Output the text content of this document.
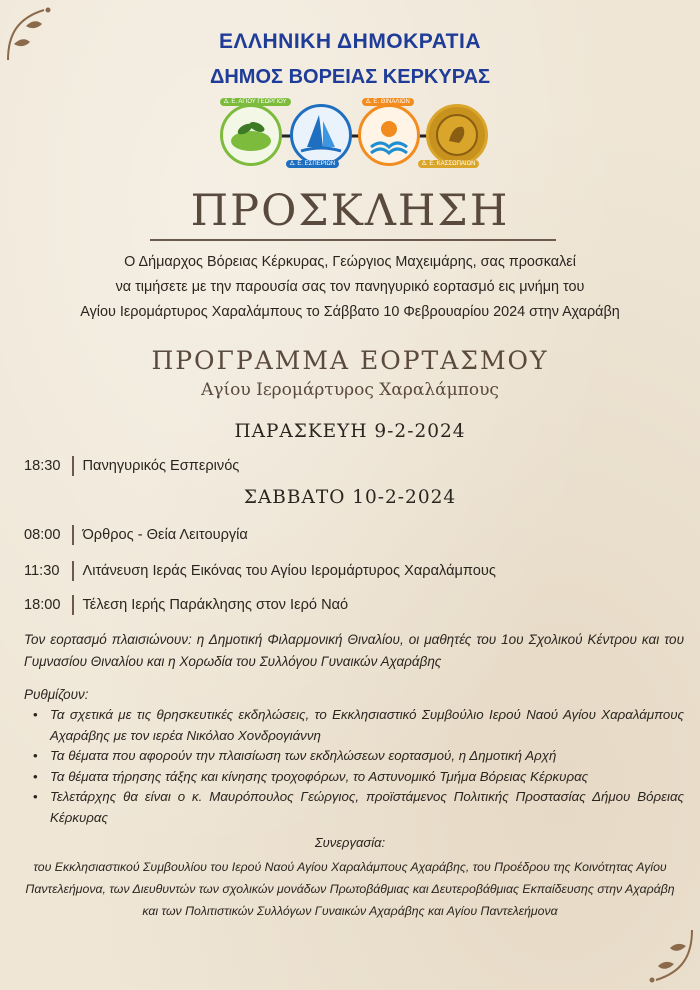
ΕΛΛΗΝΙΚΗ ΔΗΜΟΚΡΑΤΙΑ
ΔΗΜΟΣ ΒΟΡΕΙΑΣ ΚΕΡΚΥΡΑΣ
Δ. Ε. ΑΓΙΟΥ ΓΕΩΡΓΙΟΥ
Δ. Ε. ΕΣΠΕΡΙΩΝ
Δ. Ε. ΘΙΝΑΛΙΩΝ
Δ. Ε. ΚΑΣΣΩΠΑΙΩΝ
ΠΡΟΣΚΛΗΣΗ
Ο Δήμαρχος Βόρειας Κέρκυρας, Γεώργιος Μαχειμάρης, σας προσκαλεί
να τιμήσετε με την παρουσία σας τον πανηγυρικό εορτασμό εις μνήμη του
Αγίου Ιερομάρτυρος Χαραλάμπους το Σάββατο 10 Φεβρουαρίου 2024 στην Αχαράβη
ΠΡΟΓΡΑΜΜΑ ΕΟΡΤΑΣΜΟΥ
Αγίου Ιερομάρτυρος Χαραλάμπους
ΠΑΡΑΣΚΕΥΗ 9-2-2024
18:30	Πανηγυρικός Εσπερινός
ΣΑΒΒΑΤΟ 10-2-2024
08:00	Όρθρος - Θεία Λειτουργία
11:30	Λιτάνευση Ιεράς Εικόνας του Αγίου Ιερομάρτυρος Χαραλάμπους
18:00	Τέλεση Ιερής Παράκλησης στον Ιερό Ναό
Τον εορτασμό πλαισιώνουν: η Δημοτική Φιλαρμονική Θιναλίου, οι μαθητές του 1ου Σχολικού Κέντρου και του Γυμνασίου Θιναλίου και η Χορωδία του Συλλόγου Γυναικών Αχαράβης
Ρυθμίζουν:
• Τα σχετικά με τις θρησκευτικές εκδηλώσεις, το Εκκλησιαστικό Συμβούλιο Ιερού Ναού Αγίου Χαραλάμπους Αχαράβης με τον ιερέα Νικόλαο Χονδρογιάννη
• Τα θέματα που αφορούν την πλαισίωση των εκδηλώσεων εορτασμού, η Δημοτική Αρχή
• Τα θέματα τήρησης τάξης και κίνησης τροχοφόρων, το Αστυνομικό Τμήμα Βόρειας Κέρκυρας
• Τελετάρχης θα είναι ο κ. Μαυρόπουλος Γεώργιος, προϊστάμενος Πολιτικής Προστασίας Δήμου Βόρειας Κέρκυρας
Συνεργασία:
του Εκκλησιαστικού Συμβουλίου του Ιερού Ναού Αγίου Χαραλάμπους Αχαράβης, του Προέδρου της Κοινότητας Αγίου Παντελεήμονα, των Διευθυντών των σχολικών μονάδων Πρωτοβάθμιας και Δευτεροβάθμιας Εκπαίδευσης στην Αχαράβη και των Πολιτιστικών Συλλόγων Γυναικών Αχαράβης και Αγίου Παντελεήμονα
